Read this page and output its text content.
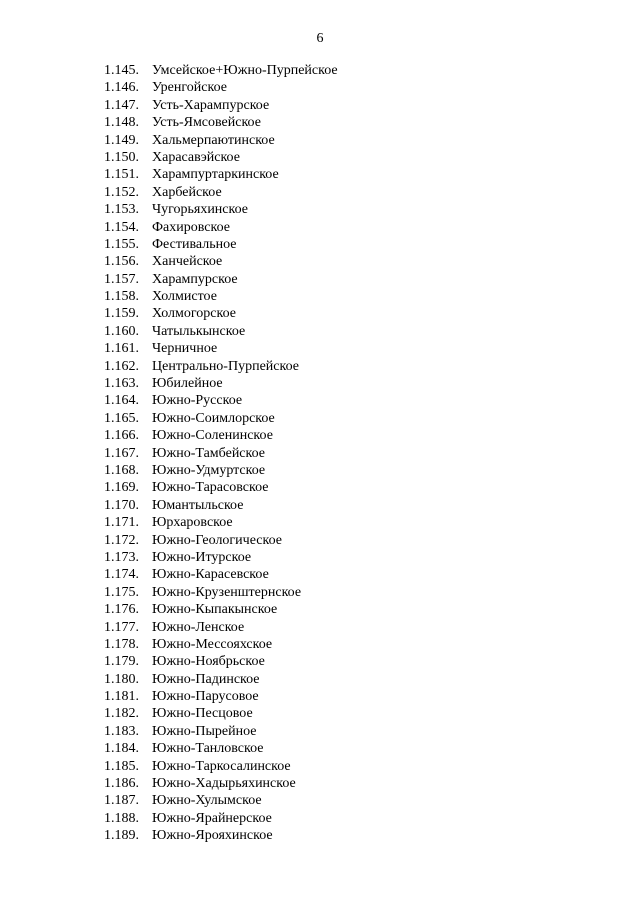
6
1.145. Умсейское+Южно-Пурпейское
1.146. Уренгойское
1.147. Усть-Харампурское
1.148. Усть-Ямсовейское
1.149. Хальмерпаютинское
1.150. Харасавэйское
1.151. Харампуртаркинское
1.152. Харбейское
1.153. Чугорьяхинское
1.154. Фахировское
1.155. Фестивальное
1.156. Ханчейское
1.157. Харампурское
1.158. Холмистое
1.159. Холмогорское
1.160. Чатылькынское
1.161. Черничное
1.162. Центрально-Пурпейское
1.163. Юбилейное
1.164. Южно-Русское
1.165. Южно-Соимлорское
1.166. Южно-Соленинское
1.167. Южно-Тамбейское
1.168. Южно-Удмуртское
1.169. Южно-Тарасовское
1.170. Юмантыльское
1.171. Юрхаровское
1.172. Южно-Геологическое
1.173. Южно-Итурское
1.174. Южно-Карасевское
1.175. Южно-Крузенштернское
1.176. Южно-Кыпакынское
1.177. Южно-Ленское
1.178. Южно-Мессояхское
1.179. Южно-Ноябрьское
1.180. Южно-Падинское
1.181. Южно-Парусовое
1.182. Южно-Песцовое
1.183. Южно-Пырейное
1.184. Южно-Танловское
1.185. Южно-Таркосалинское
1.186. Южно-Хадырьяхинское
1.187. Южно-Хулымское
1.188. Южно-Ярайнерское
1.189. Южно-Ярояхинское
